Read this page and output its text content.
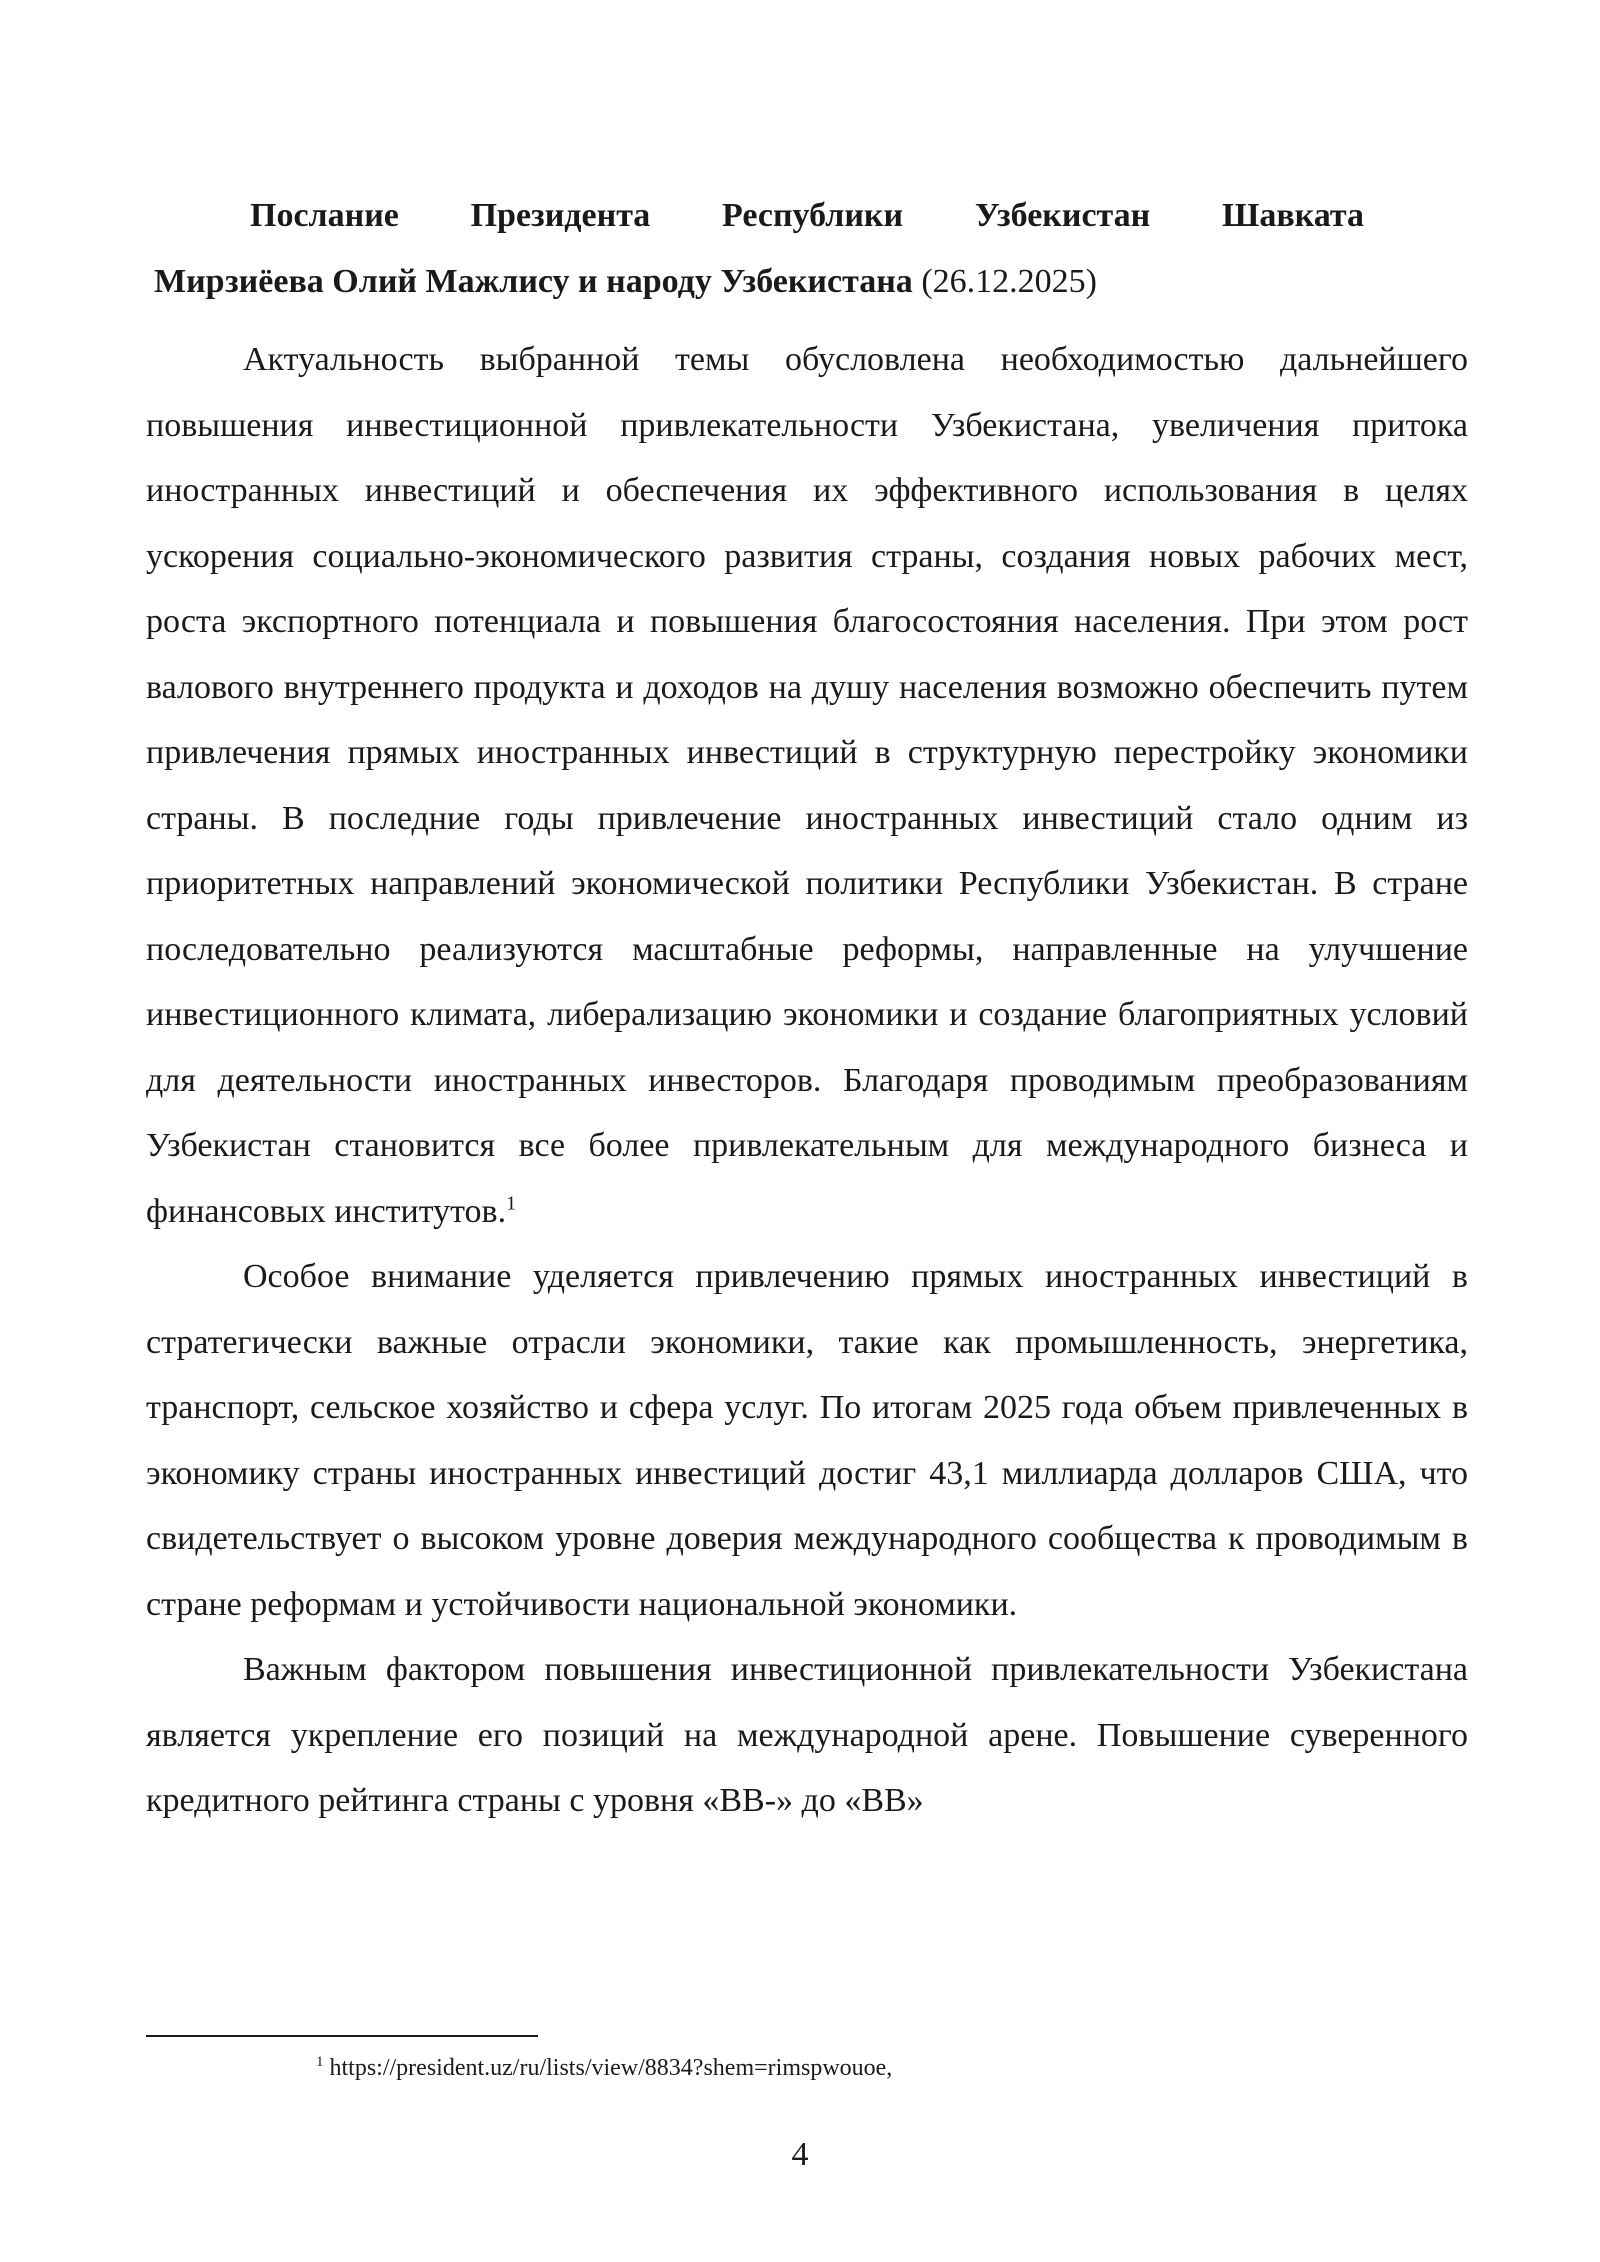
Послание Президента Республики Узбекистан Шавката
Мирзиёева Олий Мажлису и народу Узбекистана (26.12.2025)

Актуальность выбранной темы обусловлена необходимостью дальнейшего повышения инвестиционной привлекательности Узбекистана, увеличения притока иностранных инвестиций и обеспечения их эффективного использования в целях ускорения социально-экономического развития страны, создания новых рабочих мест, роста экспортного потенциала и повышения благосостояния населения. При этом рост валового внутреннего продукта и доходов на душу населения возможно обеспечить путем привлечения прямых иностранных инвестиций в структурную перестройку экономики страны. В последние годы привлечение иностранных инвестиций стало одним из приоритетных направлений экономической политики Республики Узбекистан. В стране последовательно реализуются масштабные реформы, направленные на улучшение инвестиционного климата, либерализацию экономики и создание благоприятных условий для деятельности иностранных инвесторов. Благодаря проводимым преобразованиям Узбекистан становится все более привлекательным для международного бизнеса и финансовых институтов.$^1$

Особое внимание уделяется привлечению прямых иностранных инвестиций в стратегически важные отрасли экономики, такие как промышленность, энергетика, транспорт, сельское хозяйство и сфера услуг. По итогам 2025 года объем привлеченных в экономику страны иностранных инвестиций достиг 43,1 миллиарда долларов США, что свидетельствует о высоком уровне доверия международного сообщества к проводимым в стране реформам и устойчивости национальной экономики.

Важным фактором повышения инвестиционной привлекательности Узбекистана является укрепление его позиций на международной арене. Повышение суверенного кредитного рейтинга страны с уровня «BB-» до «BB»

$^1$ https://president.uz/ru/lists/view/8834?shem=rimspwouoe,
4
